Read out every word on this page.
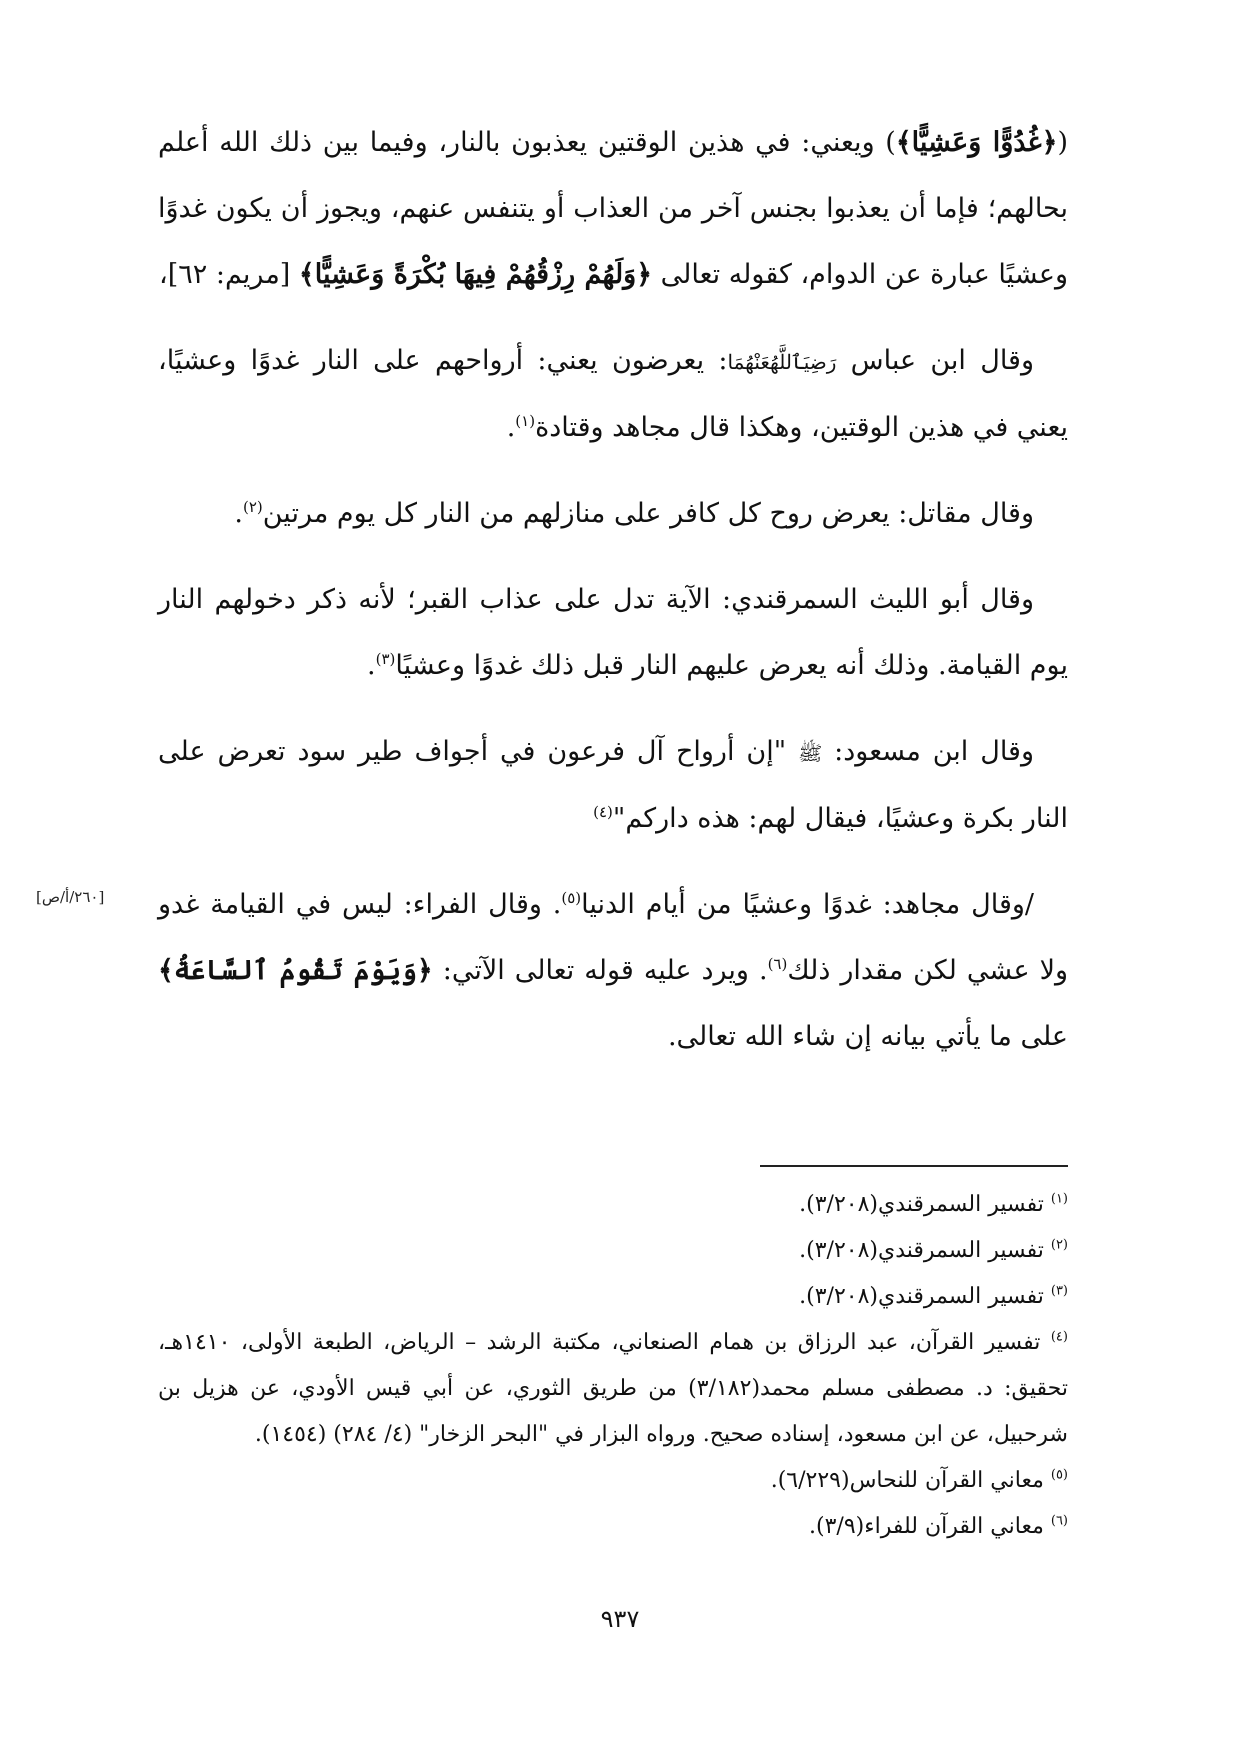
(﴿غُدُوًّا وَعَشِيًّا﴾) ويعني: في هذين الوقتين يعذبون بالنار، وفيما بين ذلك الله أعلم بحالهم؛ فإما أن يعذبوا بجنس آخر من العذاب أو يتنفس عنهم، ويجوز أن يكون غدوًا وعشيًا عبارة عن الدوام، كقوله تعالى ﴿وَلَهُمْ رِزْقُهُمْ فِيهَا بُكْرَةً وَعَشِيًّا﴾ [مريم: ٦٢]،

وقال ابن عباس رَضِيَٱللَّهُعَنْهُمَا: يعرضون يعني: أرواحهم على النار غدوًا وعشيًا، يعني في هذين الوقتين، وهكذا قال مجاهد وقتادة$^{(١)}$.

وقال مقاتل: يعرض روح كل كافر على منازلهم من النار كل يوم مرتين$^{(٢)}$.

وقال أبو الليث السمرقندي: الآية تدل على عذاب القبر؛ لأنه ذكر دخولهم النار يوم القيامة. وذلك أنه يعرض عليهم النار قبل ذلك غدوًا وعشيًا$^{(٣)}$.

وقال ابن مسعود: ﷺ "إن أرواح آل فرعون في أجواف طير سود تعرض على النار بكرة وعشيًا، فيقال لهم: هذه داركم"$^{(٤)}$

/وقال مجاهد: غدوًا وعشيًا من أيام الدنيا$^{(٥)}$. وقال الفراء: ليس في القيامة غدو ولا عشي لكن مقدار ذلك$^{(٦)}$. ويرد عليه قوله تعالى الآتي: ﴿وَيَوْمَ تَقُومُ ٱلسَّاعَةُ﴾ على ما يأتي بيانه إن شاء الله تعالى.

[٢٦٠/أ/ص]

$^{(١)}$ تفسير السمرقندي(٣/٢٠٨).

$^{(٢)}$ تفسير السمرقندي(٣/٢٠٨).

$^{(٣)}$ تفسير السمرقندي(٣/٢٠٨).

$^{(٤)}$ تفسير القرآن، عبد الرزاق بن همام الصنعاني، مكتبة الرشد – الرياض، الطبعة الأولى، ١٤١٠هـ، تحقيق: د. مصطفى مسلم محمد(٣/١٨٢) من طريق الثوري، عن أبي قيس الأودي، عن هزيل بن شرحبيل، عن ابن مسعود، إسناده صحيح. ورواه البزار في "البحر الزخار" (٤/ ٢٨٤) (١٤٥٤).

$^{(٥)}$ معاني القرآن للنحاس(٦/٢٢٩).

$^{(٦)}$ معاني القرآن للفراء(٣/٩).

٩٣٧
